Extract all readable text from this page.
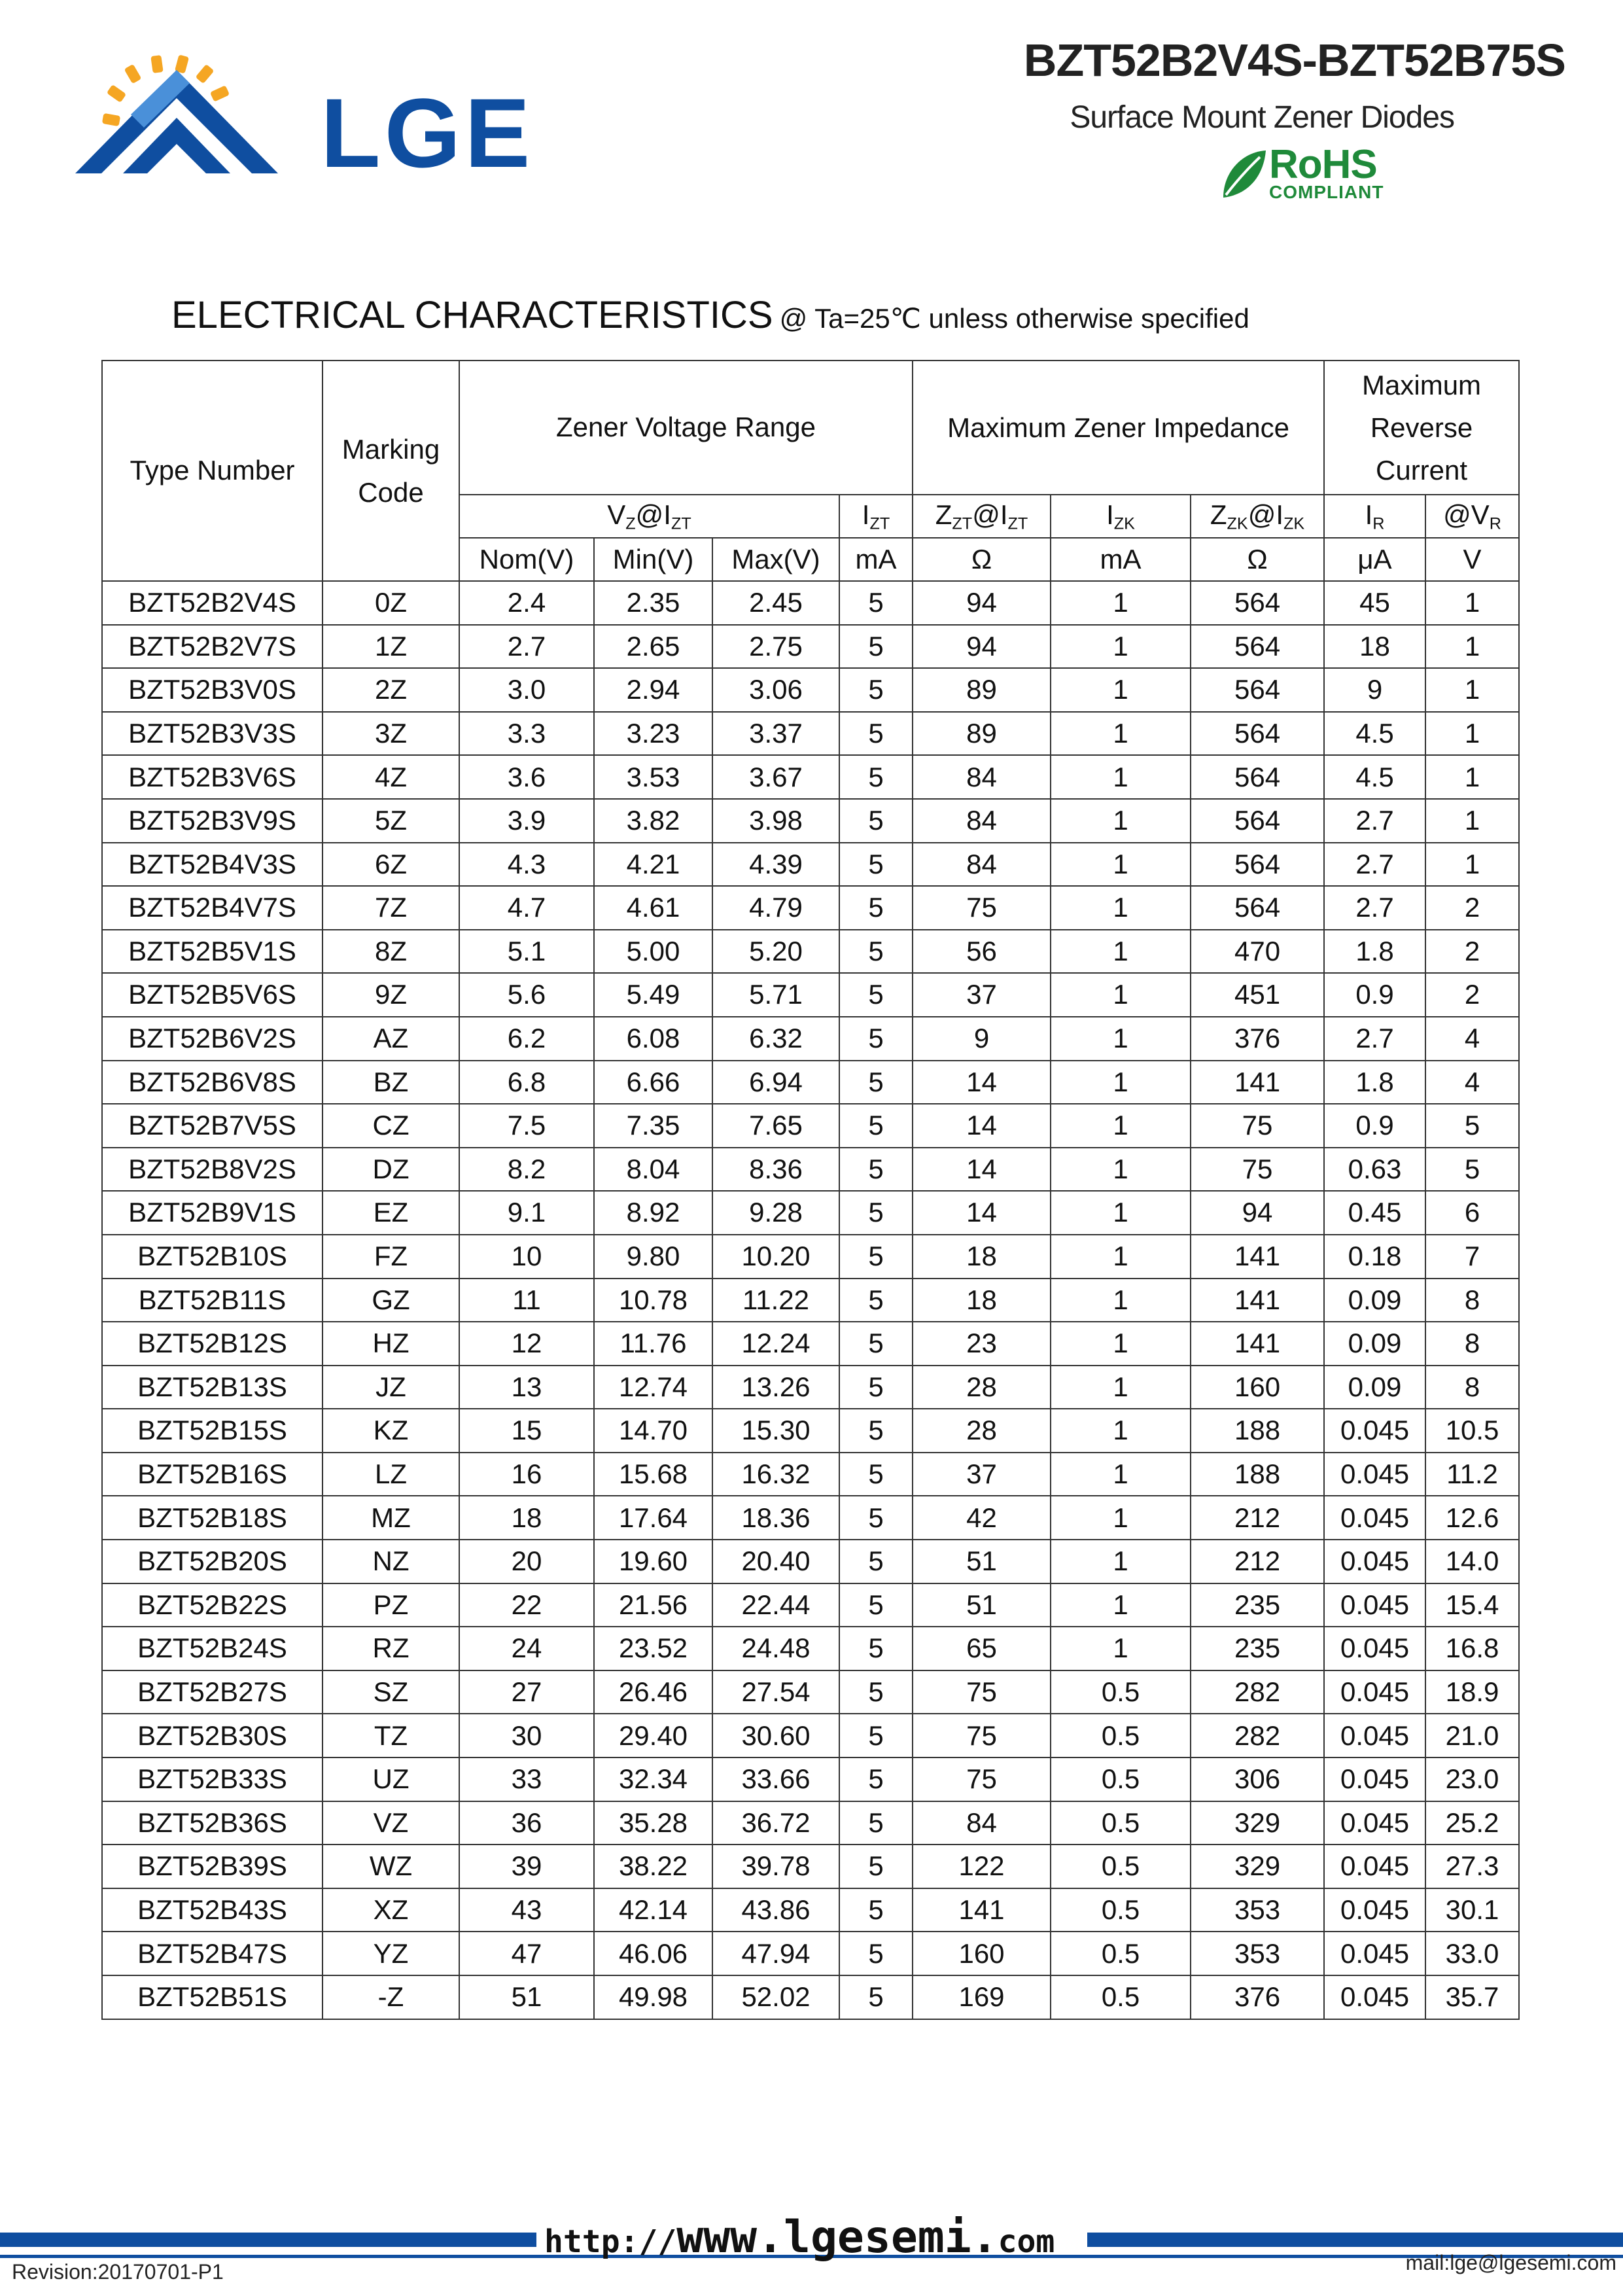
LGE
BZT52B2V4S-BZT52B75S
Surface Mount Zener Diodes
RoHS
COMPLIANT
ELECTRICAL CHARACTERISTICS @ Ta=25℃ unless otherwise specified
Type Number	Marking Code	Zener Voltage Range				Maximum Zener Impedance			Maximum Reverse Current	
		$V_Z@I_{ZT}$			$I_{ZT}$	$Z_{ZT}@I_{ZT}$	$I_{ZK}$	$Z_{ZK}@I_{ZK}$	$I_R$	$@V_R$
		Nom(V)	Min(V)	Max(V)	mA	Ω	mA	Ω	μA	V
BZT52B2V4S	0Z	2.4	2.35	2.45	5	94	1	564	45	1
BZT52B2V7S	1Z	2.7	2.65	2.75	5	94	1	564	18	1
BZT52B3V0S	2Z	3.0	2.94	3.06	5	89	1	564	9	1
BZT52B3V3S	3Z	3.3	3.23	3.37	5	89	1	564	4.5	1
BZT52B3V6S	4Z	3.6	3.53	3.67	5	84	1	564	4.5	1
BZT52B3V9S	5Z	3.9	3.82	3.98	5	84	1	564	2.7	1
BZT52B4V3S	6Z	4.3	4.21	4.39	5	84	1	564	2.7	1
BZT52B4V7S	7Z	4.7	4.61	4.79	5	75	1	564	2.7	2
BZT52B5V1S	8Z	5.1	5.00	5.20	5	56	1	470	1.8	2
BZT52B5V6S	9Z	5.6	5.49	5.71	5	37	1	451	0.9	2
BZT52B6V2S	AZ	6.2	6.08	6.32	5	9	1	376	2.7	4
BZT52B6V8S	BZ	6.8	6.66	6.94	5	14	1	141	1.8	4
BZT52B7V5S	CZ	7.5	7.35	7.65	5	14	1	75	0.9	5
BZT52B8V2S	DZ	8.2	8.04	8.36	5	14	1	75	0.63	5
BZT52B9V1S	EZ	9.1	8.92	9.28	5	14	1	94	0.45	6
BZT52B10S	FZ	10	9.80	10.20	5	18	1	141	0.18	7
BZT52B11S	GZ	11	10.78	11.22	5	18	1	141	0.09	8
BZT52B12S	HZ	12	11.76	12.24	5	23	1	141	0.09	8
BZT52B13S	JZ	13	12.74	13.26	5	28	1	160	0.09	8
BZT52B15S	KZ	15	14.70	15.30	5	28	1	188	0.045	10.5
BZT52B16S	LZ	16	15.68	16.32	5	37	1	188	0.045	11.2
BZT52B18S	MZ	18	17.64	18.36	5	42	1	212	0.045	12.6
BZT52B20S	NZ	20	19.60	20.40	5	51	1	212	0.045	14.0
BZT52B22S	PZ	22	21.56	22.44	5	51	1	235	0.045	15.4
BZT52B24S	RZ	24	23.52	24.48	5	65	1	235	0.045	16.8
BZT52B27S	SZ	27	26.46	27.54	5	75	0.5	282	0.045	18.9
BZT52B30S	TZ	30	29.40	30.60	5	75	0.5	282	0.045	21.0
BZT52B33S	UZ	33	32.34	33.66	5	75	0.5	306	0.045	23.0
BZT52B36S	VZ	36	35.28	36.72	5	84	0.5	329	0.045	25.2
BZT52B39S	WZ	39	38.22	39.78	5	122	0.5	329	0.045	27.3
BZT52B43S	XZ	43	42.14	43.86	5	141	0.5	353	0.045	30.1
BZT52B47S	YZ	47	46.06	47.94	5	160	0.5	353	0.045	33.0
BZT52B51S	-Z	51	49.98	52.02	5	169	0.5	376	0.045	35.7
http://www.lgesemi.com
Revision:20170701-P1	mail:lge@lgesemi.com
